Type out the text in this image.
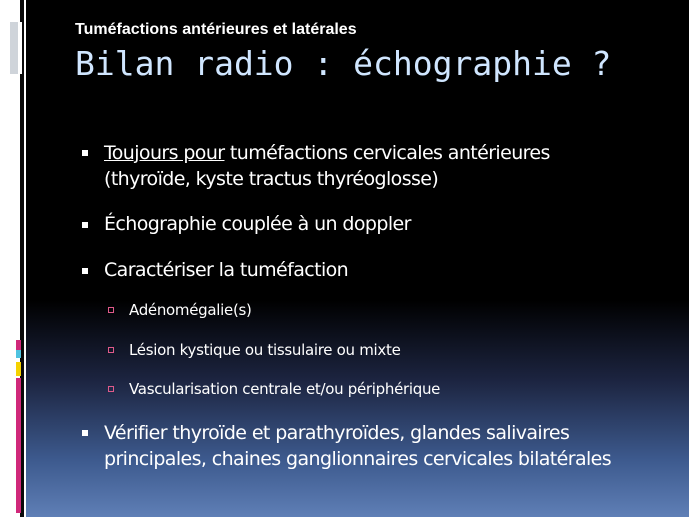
Tuméfactions antérieures et latérales
Bilan radio : échographie ?
Toujours pour tuméfactions cervicales antérieures
(thyroïde, kyste tractus thyréoglosse)
Échographie couplée à un doppler
Caractériser la tuméfaction
Adénomégalie(s)
Lésion kystique ou tissulaire ou mixte
Vascularisation centrale et/ou périphérique
Vérifier thyroïde et parathyroïdes, glandes salivaires
principales, chaines ganglionnaires cervicales bilatérales
